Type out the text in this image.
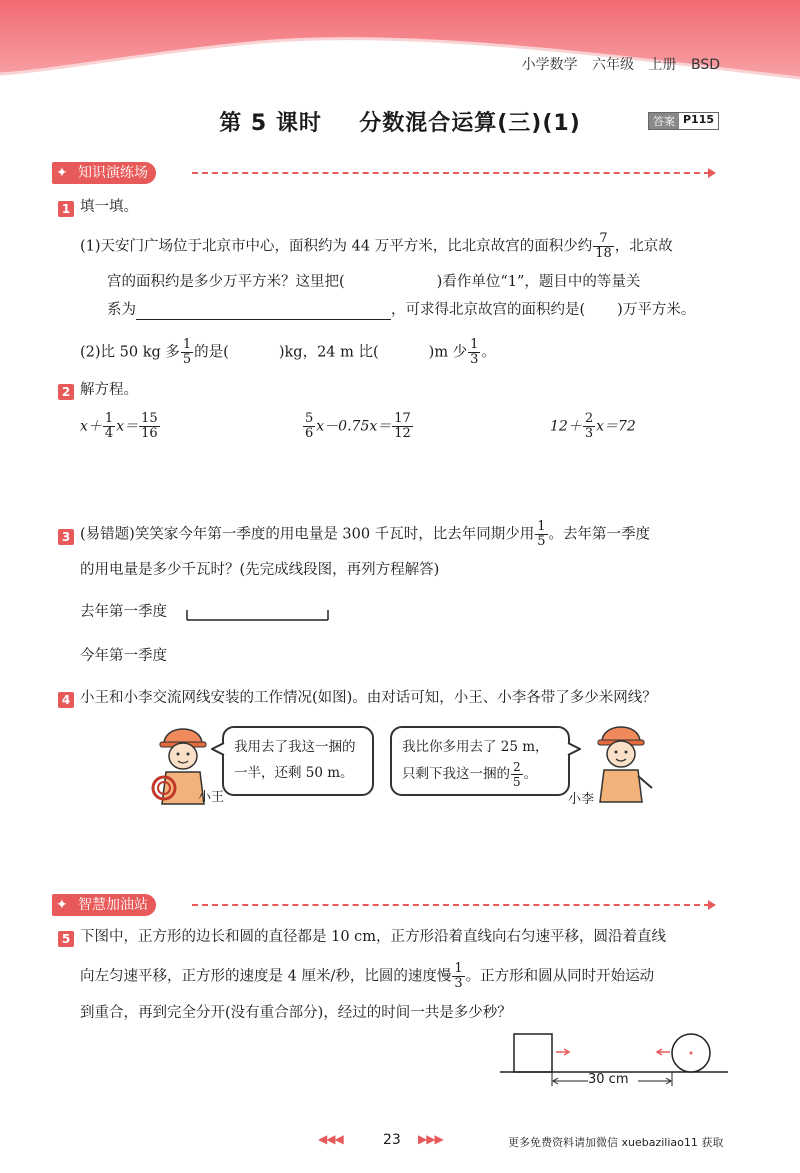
小学数学 六年级 上册 BSD
第 5 课时 分数混合运算(三)(1)	答案 P115
✦ 知识演练场
1 填一填。
(1)天安门广场位于北京市中心，面积约为 44 万平方米，比北京故宫的面积少约 $\frac{7}{18}$ ，北京故
宫的面积约是多少万平方米？这里把(	)看作单位“1”，题目中的等量关
系为	，可求得北京故宫的面积约是( )万平方米。
(2)比 50 kg 多 $\frac{1}{5}$ 的是(	)kg，24 m 比(	)m 少 $\frac{1}{3}$ 。
2 解方程。
$x+ \frac{1}{4} x= \frac{15}{16}$	$\frac{5}{6} x-0.75x= \frac{17}{12}$	$12+ \frac{2}{3} x=72$
3 (易错题)笑笑家今年第一季度的用电量是 300 千瓦时，比去年同期少用 $\frac{1}{5}$ 。去年第一季度
的用电量是多少千瓦时？(先完成线段图，再列方程解答)
去年第一季度
今年第一季度
4 小王和小李交流网线安装的工作情况(如图)。由对话可知，小王、小李各带了多少米网线？
小王
我用去了我这一捆的
一半，还剩 50 m。
我比你多用去了 25 m，
只剩下我这一捆的 $\frac{2}{5}$ 。
小李
✦ 智慧加油站
5 下图中，正方形的边长和圆的直径都是 10 cm，正方形沿着直线向右匀速平移，圆沿着直线
向左匀速平移，正方形的速度是 4 厘米/秒，比圆的速度慢 $\frac{1}{3}$ 。正方形和圆从同时开始运动
到重合，再到完全分开(没有重合部分)，经过的时间一共是多少秒？
30 cm
◀◀◀	23 ▶▶▶	更多免费资料请加微信 xuebaziliao11 获取
